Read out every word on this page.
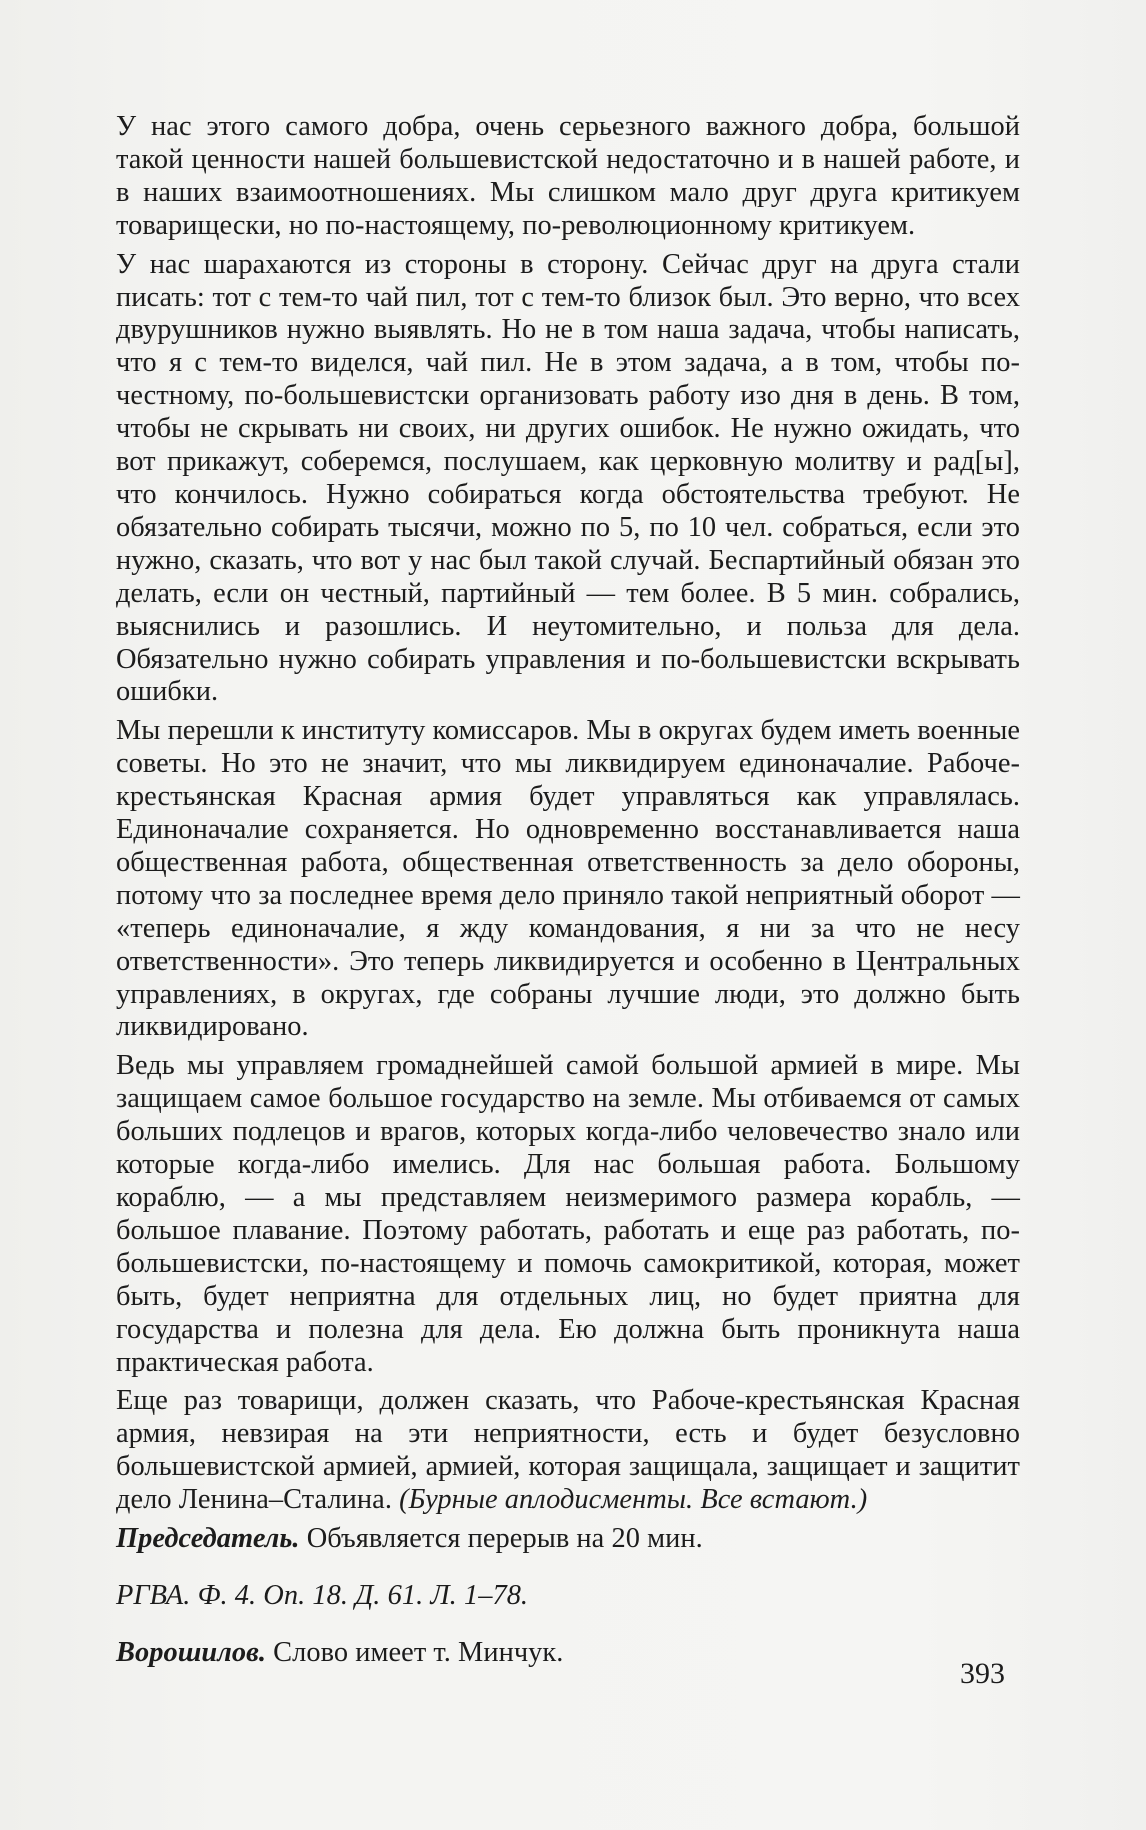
У нас этого самого добра, очень серьезного важного добра, большой такой ценности нашей большевистской недостаточно и в нашей работе, и в наших взаимоотношениях. Мы слишком мало друг друга критикуем товарищески, но по-настоящему, по-революционному критикуем.

У нас шарахаются из стороны в сторону. Сейчас друг на друга стали писать: тот с тем-то чай пил, тот с тем-то близок был. Это верно, что всех двурушников нужно выявлять. Но не в том наша задача, чтобы написать, что я с тем-то виделся, чай пил. Не в этом задача, а в том, чтобы по-честному, по-большевистски организовать работу изо дня в день. В том, чтобы не скрывать ни своих, ни других ошибок. Не нужно ожидать, что вот прикажут, соберемся, послушаем, как церковную молитву и рад[ы], что кончилось. Нужно собираться когда обстоятельства требуют. Не обязательно собирать тысячи, можно по 5, по 10 чел. собраться, если это нужно, сказать, что вот у нас был такой случай. Беспартийный обязан это делать, если он честный, партийный — тем более. В 5 мин. собрались, выяснились и разошлись. И неутомительно, и польза для дела. Обязательно нужно собирать управления и по-большевистски вскрывать ошибки.

Мы перешли к институту комиссаров. Мы в округах будем иметь военные советы. Но это не значит, что мы ликвидируем единоначалие. Рабоче-крестьянская Красная армия будет управляться как управлялась. Единоначалие сохраняется. Но одновременно восстанавливается наша общественная работа, общественная ответственность за дело обороны, потому что за последнее время дело приняло такой неприятный оборот — «теперь единоначалие, я жду командования, я ни за что не несу ответственности». Это теперь ликвидируется и особенно в Центральных управлениях, в округах, где собраны лучшие люди, это должно быть ликвидировано.

Ведь мы управляем громаднейшей самой большой армией в мире. Мы защищаем самое большое государство на земле. Мы отбиваемся от самых больших подлецов и врагов, которых когда-либо человечество знало или которые когда-либо имелись. Для нас большая работа. Большому кораблю, — а мы представляем неизмеримого размера корабль, — большое плавание. Поэтому работать, работать и еще раз работать, по-большевистски, по-настоящему и помочь самокритикой, которая, может быть, будет неприятна для отдельных лиц, но будет приятна для государства и полезна для дела. Ею должна быть проникнута наша практическая работа.

Еще раз товарищи, должен сказать, что Рабоче-крестьянская Красная армия, невзирая на эти неприятности, есть и будет безусловно большевистской армией, армией, которая защищала, защищает и защитит дело Ленина–Сталина. (Бурные аплодисменты. Все встают.)

Председатель. Объявляется перерыв на 20 мин.

РГВА. Ф. 4. Оп. 18. Д. 61. Л. 1–78.

Ворошилов. Слово имеет т. Минчук.

393
